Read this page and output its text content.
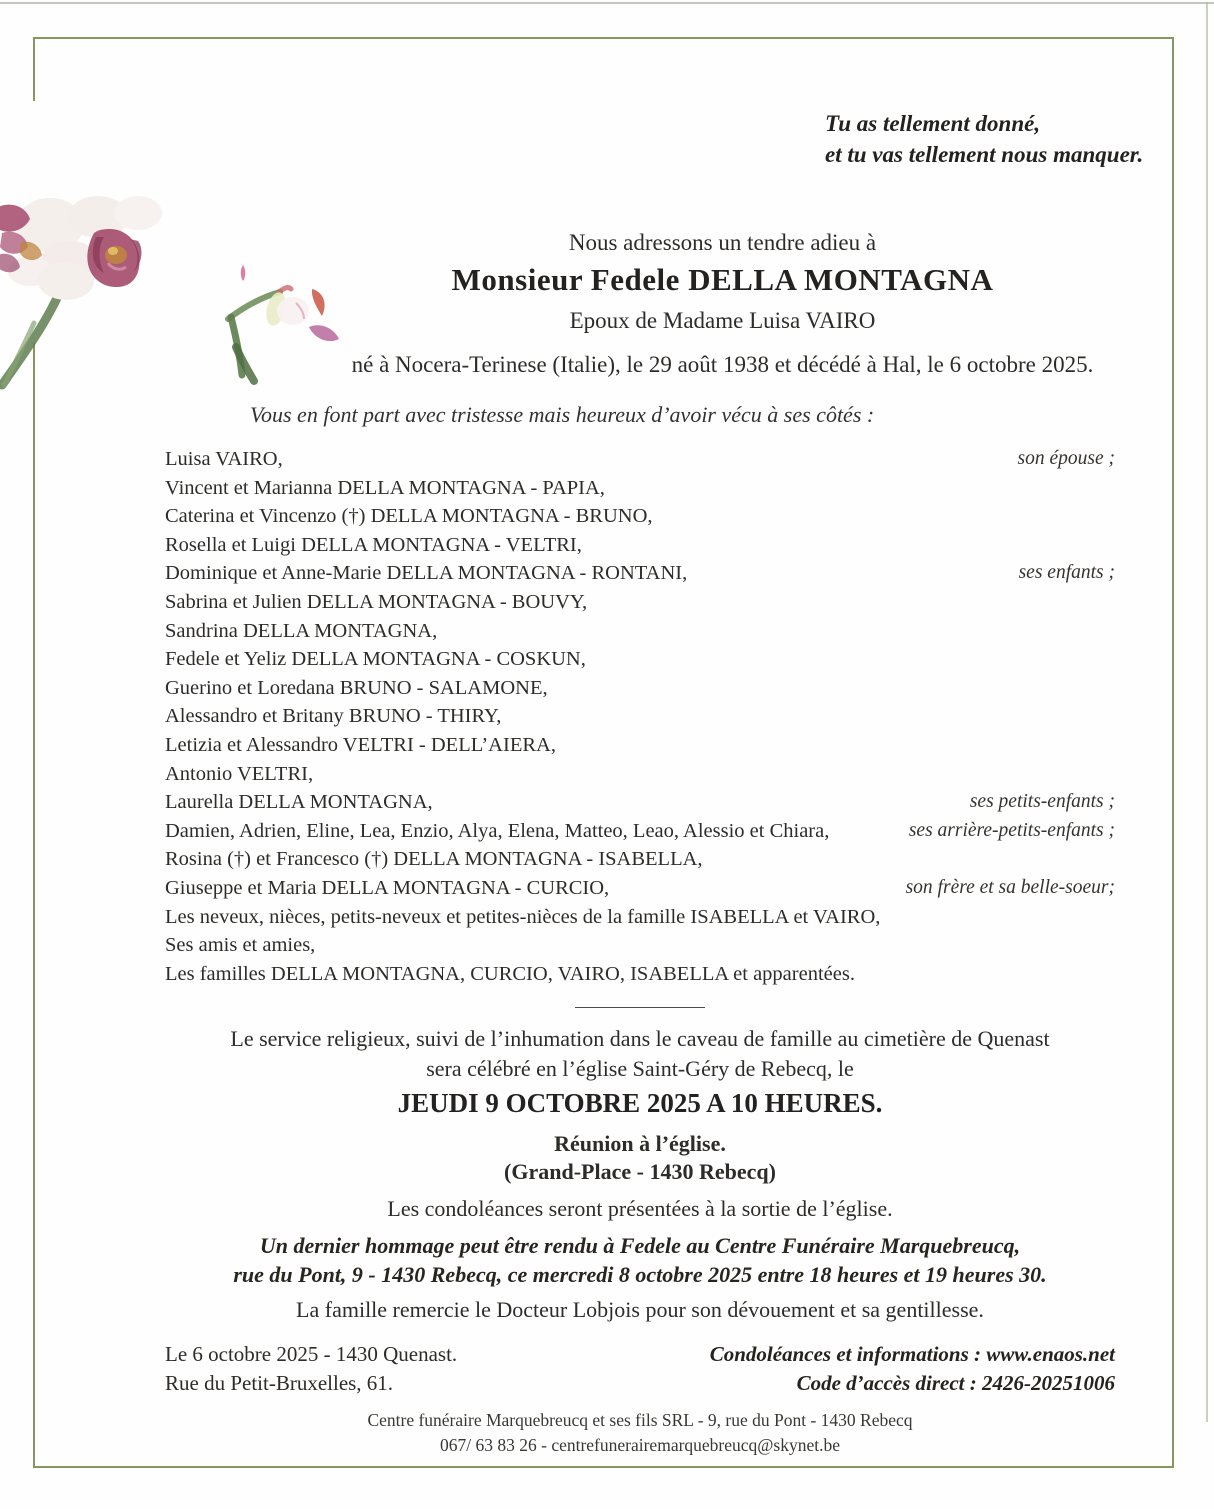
Tu as tellement donné,
et tu vas tellement nous manquer.
Nous adressons un tendre adieu à
Monsieur Fedele DELLA MONTAGNA
Epoux de Madame Luisa VAIRO
né à Nocera-Terinese (Italie), le 29 août 1938 et décédé à Hal, le 6 octobre 2025.
Vous en font part avec tristesse mais heureux d’avoir vécu à ses côtés :
Luisa VAIRO,	son épouse ;
Vincent et Marianna DELLA MONTAGNA - PAPIA,
Caterina et Vincenzo (†) DELLA MONTAGNA - BRUNO,
Rosella et Luigi DELLA MONTAGNA - VELTRI,
Dominique et Anne-Marie DELLA MONTAGNA - RONTANI,	ses enfants ;
Sabrina et Julien DELLA MONTAGNA - BOUVY,
Sandrina DELLA MONTAGNA,
Fedele et Yeliz DELLA MONTAGNA - COSKUN,
Guerino et Loredana BRUNO - SALAMONE,
Alessandro et Britany BRUNO - THIRY,
Letizia et Alessandro VELTRI - DELL’AIERA,
Antonio VELTRI,
Laurella DELLA MONTAGNA,	ses petits-enfants ;
Damien, Adrien, Eline, Lea, Enzio, Alya, Elena, Matteo, Leao, Alessio et Chiara,	ses arrière-petits-enfants ;
Rosina (†) et Francesco (†) DELLA MONTAGNA - ISABELLA,
Giuseppe et Maria DELLA MONTAGNA - CURCIO,	son frère et sa belle-soeur;
Les neveux, nièces, petits-neveux et petites-nièces de la famille ISABELLA et VAIRO,
Ses amis et amies,
Les familles DELLA MONTAGNA, CURCIO, VAIRO, ISABELLA et apparentées.
Le service religieux, suivi de l’inhumation dans le caveau de famille au cimetière de Quenast
sera célébré en l’église Saint-Géry de Rebecq, le
JEUDI 9 OCTOBRE 2025 A 10 HEURES.
Réunion à l’église.
(Grand-Place - 1430 Rebecq)
Les condoléances seront présentées à la sortie de l’église.
Un dernier hommage peut être rendu à Fedele au Centre Funéraire Marquebreucq,
rue du Pont, 9 - 1430 Rebecq, ce mercredi 8 octobre 2025 entre 18 heures et 19 heures 30.
La famille remercie le Docteur Lobjois pour son dévouement et sa gentillesse.
Le 6 octobre 2025 - 1430 Quenast.
Rue du Petit-Bruxelles, 61.
Condoléances et informations : www.enaos.net
Code d’accès direct : 2426-20251006
Centre funéraire Marquebreucq et ses fils SRL - 9, rue du Pont - 1430 Rebecq
067/ 63 83 26 - centrefunerairemarquebreucq@skynet.be
